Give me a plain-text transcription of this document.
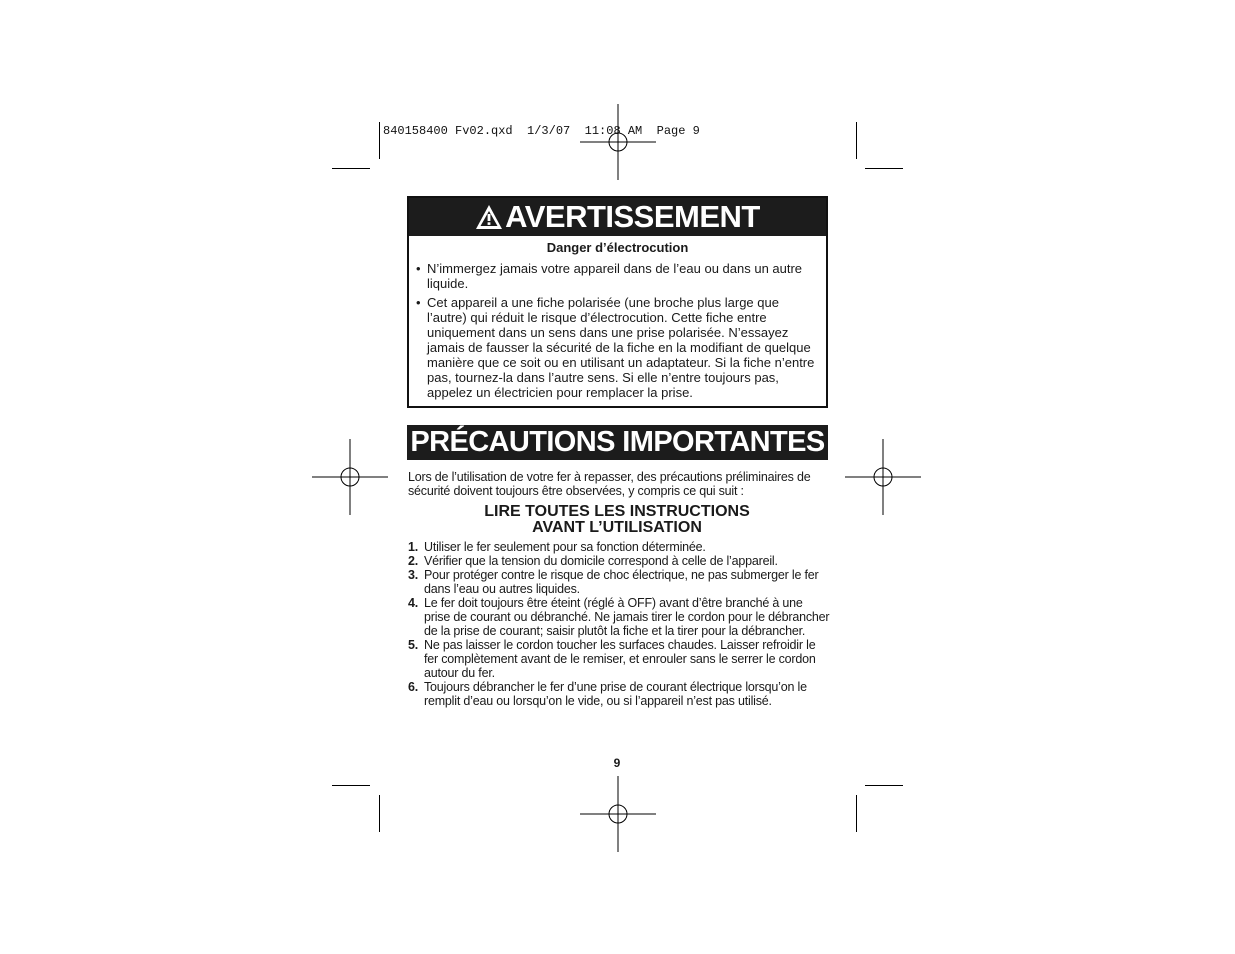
840158400 Fv02.qxd  1/3/07  11:08 AM  Page 9
AVERTISSEMENT
Danger d’électrocution
• N’immergez jamais votre appareil dans de l’eau ou dans un autre liquide.
• Cet appareil a une fiche polarisée (une broche plus large que l’autre) qui réduit le risque d’électrocution. Cette fiche entre uniquement dans un sens dans une prise polarisée. N’essayez jamais de fausser la sécurité de la fiche en la modifiant de quelque manière que ce soit ou en utilisant un adaptateur. Si la fiche n’entre pas, tournez-la dans l’autre sens. Si elle n’entre toujours pas, appelez un électricien pour remplacer la prise.
PRÉCAUTIONS IMPORTANTES
Lors de l’utilisation de votre fer à repasser, des précautions préliminaires de sécurité doivent toujours être observées, y compris ce qui suit :
LIRE TOUTES LES INSTRUCTIONS
AVANT L’UTILISATION
1. Utiliser le fer seulement pour sa fonction déterminée.
2. Vérifier que la tension du domicile correspond à celle de l’appareil.
3. Pour protéger contre le risque de choc électrique, ne pas submerger le fer dans l’eau ou autres liquides.
4. Le fer doit toujours être éteint (réglé à OFF) avant d’être branché à une prise de courant ou débranché. Ne jamais tirer le cordon pour le débrancher de la prise de courant; saisir plutôt la fiche et la tirer pour la débrancher.
5. Ne pas laisser le cordon toucher les surfaces chaudes. Laisser refroidir le fer complètement avant de le remiser, et enrouler sans le serrer le cordon autour du fer.
6. Toujours débrancher le fer d’une prise de courant électrique lorsqu’on le remplit d’eau ou lorsqu’on le vide, ou si l’appareil n’est pas utilisé.
9
